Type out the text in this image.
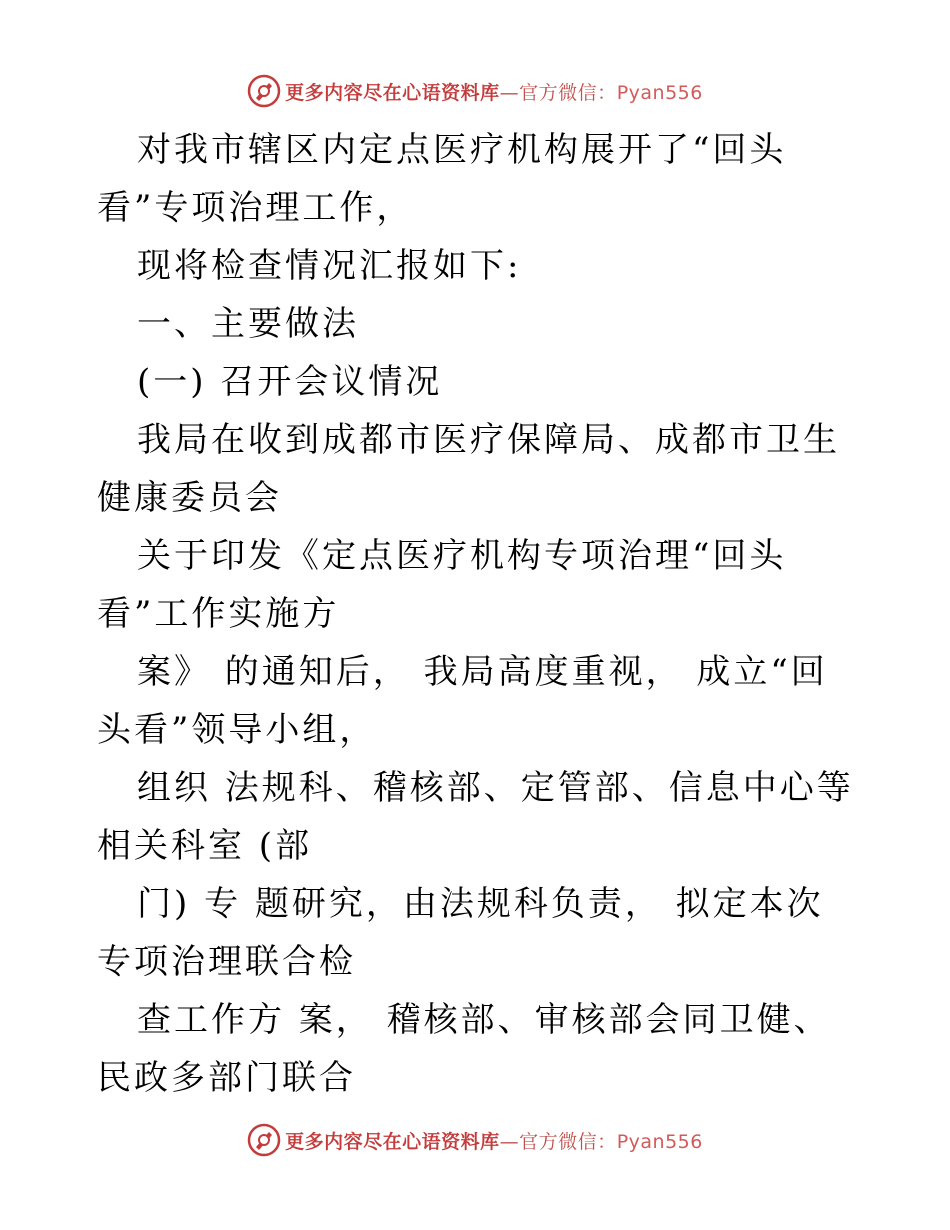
更多内容尽在心语资料库—官方微信：Pyan556

对我市辖区内定点医疗机构展开了“回头看”专项治理工作，

现将检查情况汇报如下:

一、主要做法

(一) 召开会议情况

我局在收到成都市医疗保障局、成都市卫生健康委员会

关于印发《定点医疗机构专项治理“回头看”工作实施方

案》 的通知后， 我局高度重视， 成立“回头看”领导小组，

组织 法规科、稽核部、定管部、信息中心等相关科室 (部

门) 专 题研究，由法规科负责， 拟定本次专项治理联合检

查工作方 案， 稽核部、审核部会同卫健、民政多部门联合

更多内容尽在心语资料库—官方微信：Pyan556
